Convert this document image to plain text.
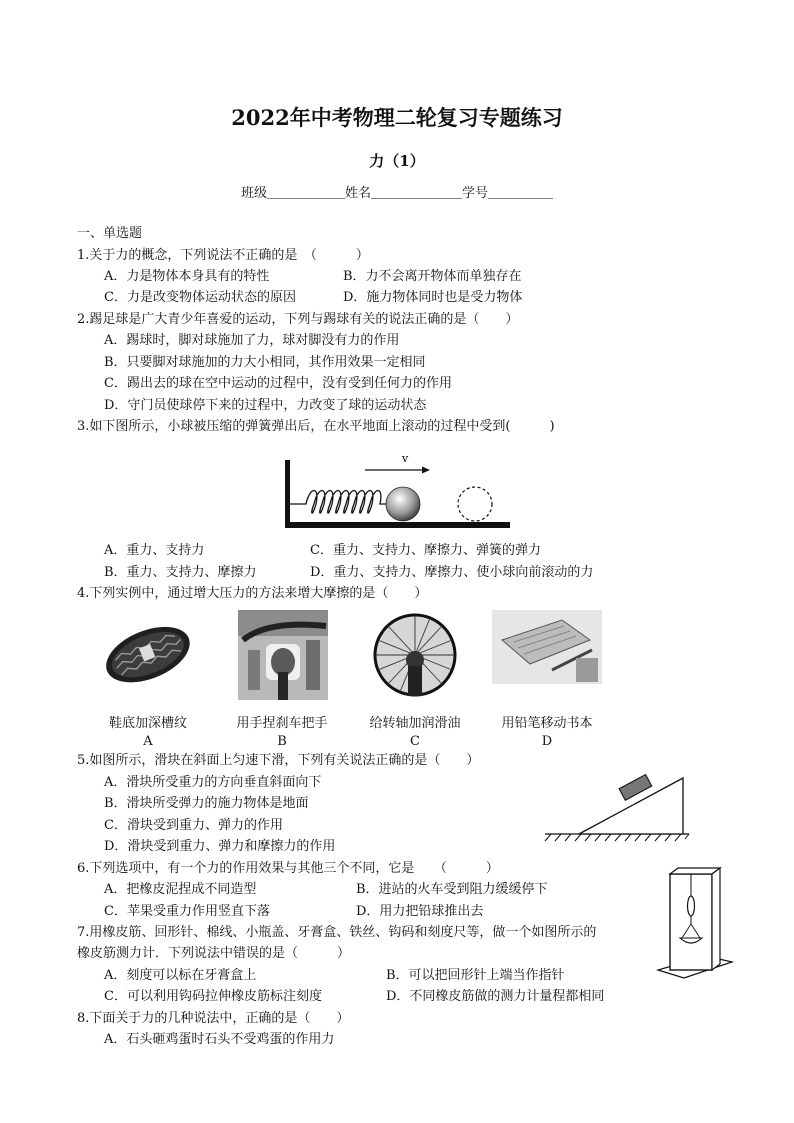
2022年中考物理二轮复习专题练习
力（1）
班级＿＿＿＿＿＿姓名＿＿＿＿＿＿＿学号＿＿＿＿＿
一、单选题
1.关于力的概念，下列说法不正确的是　（　　　）
A．力是物体本身具有的特性	B．力不会离开物体而单独存在
C．力是改变物体运动状态的原因	D．施力物体同时也是受力物体
2.踢足球是广大青少年喜爱的运动，下列与踢球有关的说法正确的是（　　）
A．踢球时，脚对球施加了力，球对脚没有力的作用
B．只要脚对球施加的力大小相同，其作用效果一定相同
C．踢出去的球在空中运动的过程中，没有受到任何力的作用
D．守门员使球停下来的过程中，力改变了球的运动状态
3.如下图所示，小球被压缩的弹簧弹出后，在水平地面上滚动的过程中受到(　　　)
v
A．重力、支持力	C．重力、支持力、摩擦力、弹簧的弹力
B．重力、支持力、摩擦力	D．重力、支持力、摩擦力、使小球向前滚动的力
4.下列实例中，通过增大压力的方法来增大摩擦的是（　　）
鞋底加深槽纹	用手捏刹车把手	给转轴加润滑油	用铅笔移动书本
A	B	C	D
5.如图所示，滑块在斜面上匀速下滑，下列有关说法正确的是（　　）
A．滑块所受重力的方向垂直斜面向下
B．滑块所受弹力的施力物体是地面
C．滑块受到重力、弹力的作用
D．滑块受到重力、弹力和摩擦力的作用
6.下列选项中，有一个力的作用效果与其他三个不同，它是　　（　　　）
A．把橡皮泥捏成不同造型	B．进站的火车受到阻力缓缓停下
C．苹果受重力作用竖直下落	D．用力把铅球推出去
7.用橡皮筋、回形针、棉线、小瓶盖、牙膏盒、铁丝、钩码和刻度尺等，做一个如图所示的
橡皮筋测力计．下列说法中错误的是（　　　）
A．刻度可以标在牙膏盒上	B．可以把回形针上端当作指针
C．可以利用钩码拉伸橡皮筋标注刻度	D．不同橡皮筋做的测力计量程都相同
8.下面关于力的几种说法中，正确的是（　　）
A．石头砸鸡蛋时石头不受鸡蛋的作用力
